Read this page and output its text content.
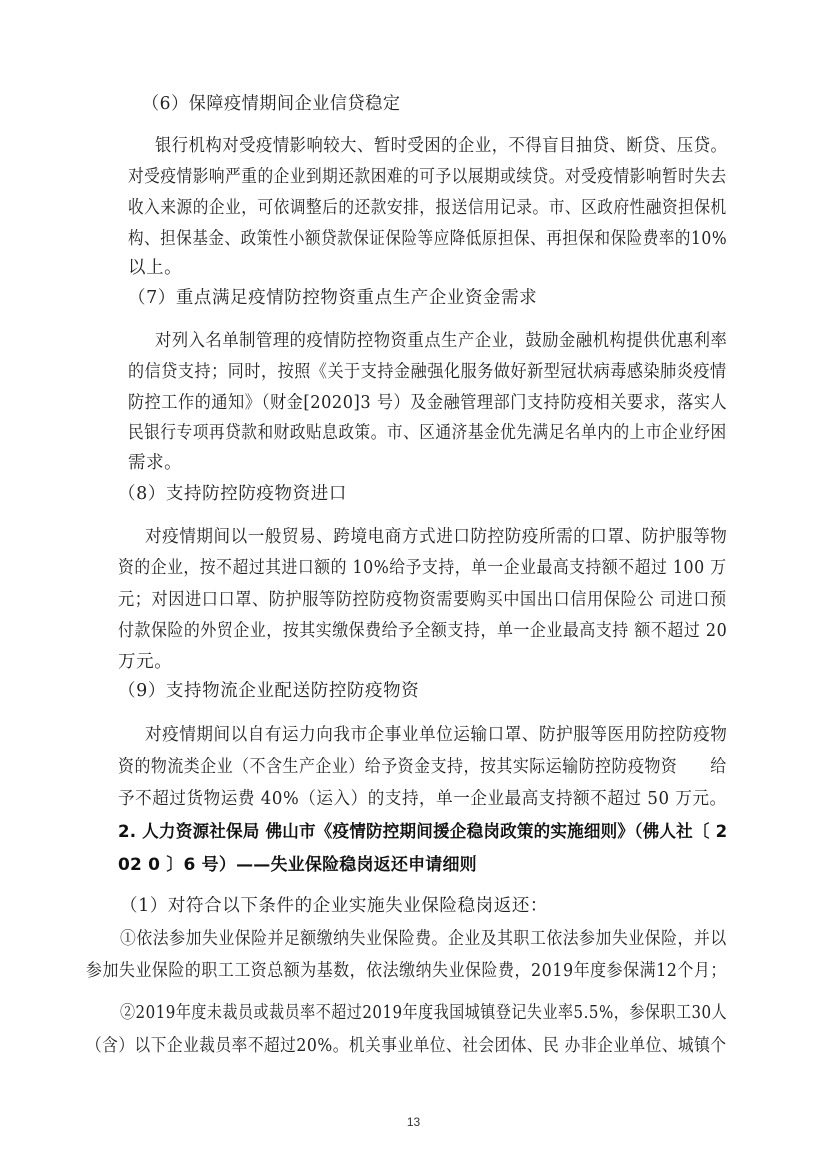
（6）保障疫情期间企业信贷稳定
银行机构对受疫情影响较大、暂时受困的企业，不得盲目抽贷、断贷、压贷。
对受疫情影响严重的企业到期还款困难的可予以展期或续贷。对受疫情影响暂时失去
收入来源的企业，可依调整后的还款安排，报送信用记录。市、区政府性融资担保机
构、担保基金、政策性小额贷款保证保险等应降低原担保、再担保和保险费率的10%
以上。
（7）重点满足疫情防控物资重点生产企业资金需求
对列入名单制管理的疫情防控物资重点生产企业，鼓励金融机构提供优惠利率
的信贷支持；同时，按照《关于支持金融强化服务做好新型冠状病毒感染肺炎疫情
防控工作的通知》（财金[2020]3 号）及金融管理部门支持防疫相关要求，落实人
民银行专项再贷款和财政贴息政策。市、区通济基金优先满足名单内的上市企业纾困
需求。
（8）支持防控防疫物资进口
对疫情期间以一般贸易、跨境电商方式进口防控防疫所需的口罩、防护服等物
资的企业，按不超过其进口额的 10%给予支持，单一企业最高支持额不超过 100 万
元；对因进口口罩、防护服等防控防疫物资需要购买中国出口信用保险公 司进口预
付款保险的外贸企业，按其实缴保费给予全额支持，单一企业最高支持 额不超过 20
万元。
（9）支持物流企业配送防控防疫物资
对疫情期间以自有运力向我市企事业单位运输口罩、防护服等医用防控防疫物
资的物流类企业（不含生产企业）给予资金支持，按其实际运输防控防疫物资　　给
予不超过货物运费 40%（运入）的支持，单一企业最高支持额不超过 50 万元。
2. 人力资源社保局 佛山市《疫情防控期间援企稳岗政策的实施细则》（佛人社〔 2
02 0 〕6 号）——失业保险稳岗返还申请细则
（1）对符合以下条件的企业实施失业保险稳岗返还：
①依法参加失业保险并足额缴纳失业保险费。企业及其职工依法参加失业保险，并以
参加失业保险的职工工资总额为基数，依法缴纳失业保险费，2019年度参保满12个月；
②2019年度未裁员或裁员率不超过2019年度我国城镇登记失业率5.5%，参保职工30人
（含）以下企业裁员率不超过20%。机关事业单位、社会团体、民 办非企业单位、城镇个
13
